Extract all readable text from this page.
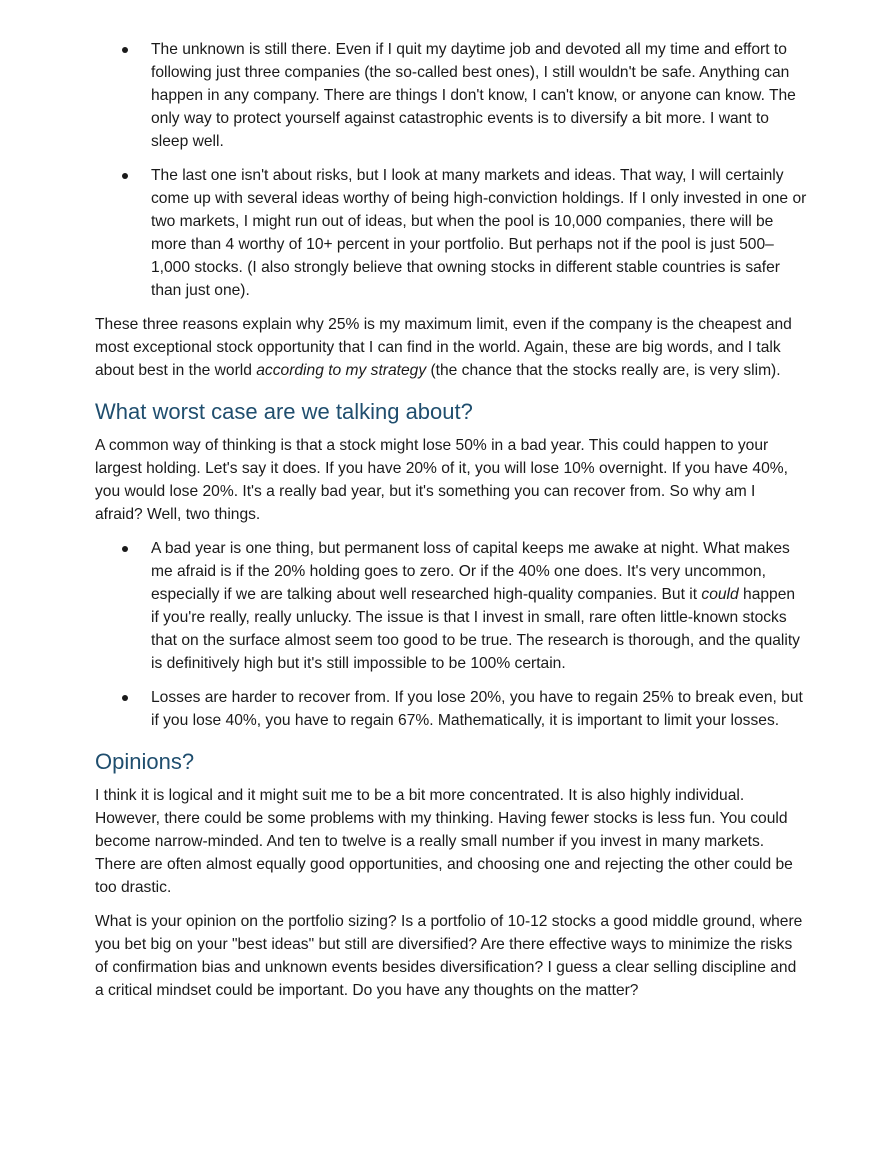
The unknown is still there. Even if I quit my daytime job and devoted all my time and effort to following just three companies (the so-called best ones), I still wouldn't be safe. Anything can happen in any company. There are things I don't know, I can't know, or anyone can know. The only way to protect yourself against catastrophic events is to diversify a bit more. I want to sleep well.
The last one isn't about risks, but I look at many markets and ideas. That way, I will certainly come up with several ideas worthy of being high-conviction holdings. If I only invested in one or two markets, I might run out of ideas, but when the pool is 10,000 companies, there will be more than 4 worthy of 10+ percent in your portfolio. But perhaps not if the pool is just 500–1,000 stocks. (I also strongly believe that owning stocks in different stable countries is safer than just one).

These three reasons explain why 25% is my maximum limit, even if the company is the cheapest and most exceptional stock opportunity that I can find in the world. Again, these are big words, and I talk about best in the world according to my strategy (the chance that the stocks really are, is very slim).

What worst case are we talking about?

A common way of thinking is that a stock might lose 50% in a bad year. This could happen to your largest holding. Let's say it does. If you have 20% of it, you will lose 10% overnight. If you have 40%, you would lose 20%. It's a really bad year, but it's something you can recover from. So why am I afraid? Well, two things.

A bad year is one thing, but permanent loss of capital keeps me awake at night. What makes me afraid is if the 20% holding goes to zero. Or if the 40% one does. It's very uncommon, especially if we are talking about well researched high-quality companies. But it could happen if you're really, really unlucky. The issue is that I invest in small, rare often little-known stocks that on the surface almost seem too good to be true. The research is thorough, and the quality is definitively high but it's still impossible to be 100% certain.
Losses are harder to recover from. If you lose 20%, you have to regain 25% to break even, but if you lose 40%, you have to regain 67%. Mathematically, it is important to limit your losses.
Opinions?

I think it is logical and it might suit me to be a bit more concentrated. It is also highly individual. However, there could be some problems with my thinking. Having fewer stocks is less fun. You could become narrow-minded. And ten to twelve is a really small number if you invest in many markets. There are often almost equally good opportunities, and choosing one and rejecting the other could be too drastic.

What is your opinion on the portfolio sizing? Is a portfolio of 10-12 stocks a good middle ground, where you bet big on your "best ideas" but still are diversified? Are there effective ways to minimize the risks of confirmation bias and unknown events besides diversification? I guess a clear selling discipline and a critical mindset could be important. Do you have any thoughts on the matter?
